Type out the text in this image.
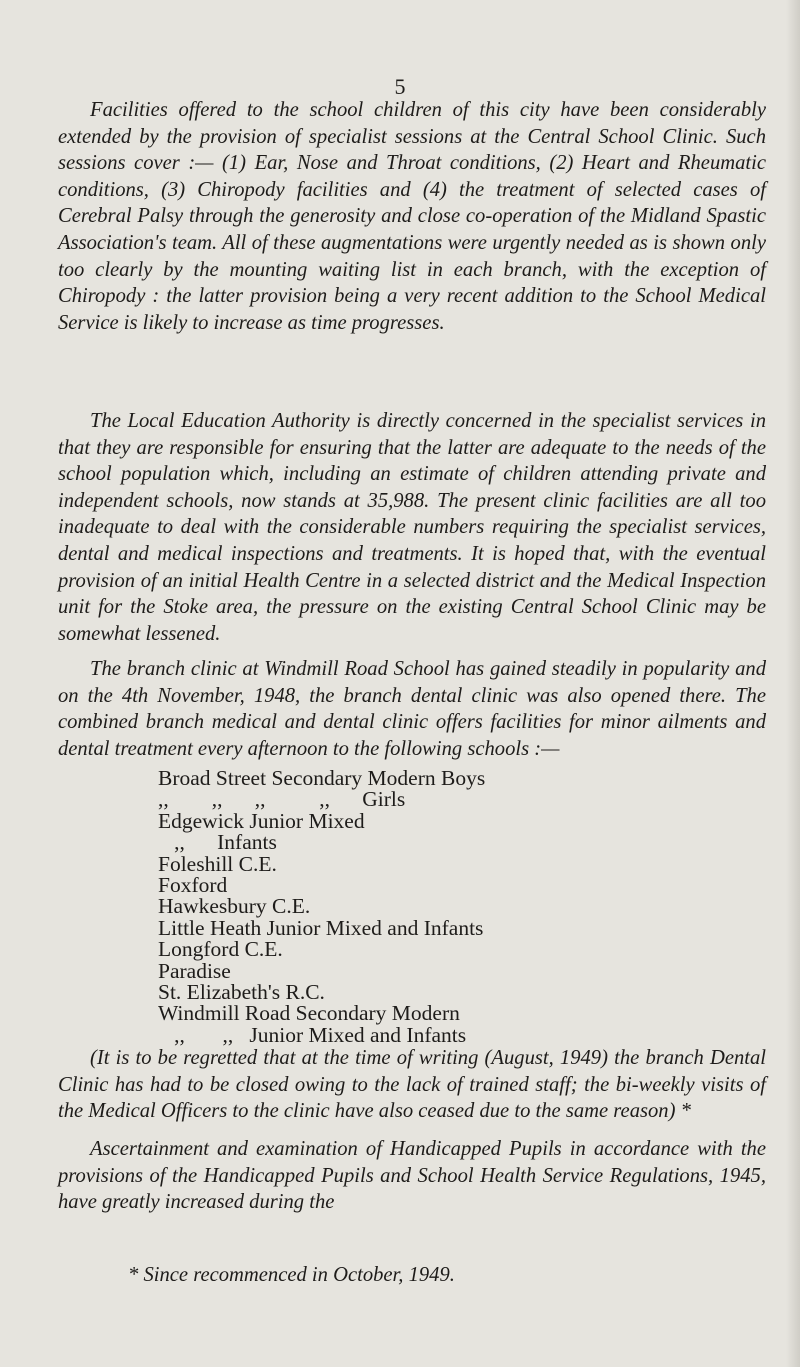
5

Facilities offered to the school children of this city have been considerably extended by the provision of specialist sessions at the Central School Clinic. Such sessions cover :— (1) Ear, Nose and Throat conditions, (2) Heart and Rheumatic conditions, (3) Chiropody facilities and (4) the treatment of selected cases of Cerebral Palsy through the generosity and close co-operation of the Midland Spastic Association's team. All of these augmentations were urgently needed as is shown only too clearly by the mounting waiting list in each branch, with the exception of Chiropody : the latter provision being a very recent addition to the School Medical Service is likely to increase as time progresses.

The Local Education Authority is directly concerned in the specialist services in that they are responsible for ensuring that the latter are adequate to the needs of the school population which, including an estimate of children attending private and independent schools, now stands at 35,988. The present clinic facilities are all too inadequate to deal with the considerable numbers requiring the specialist services, dental and medical inspections and treatments. It is hoped that, with the eventual provision of an initial Health Centre in a selected district and the Medical Inspection unit for the Stoke area, the pressure on the existing Central School Clinic may be somewhat lessened.

The branch clinic at Windmill Road School has gained steadily in popularity and on the 4th November, 1948, the branch dental clinic was also opened there. The combined branch medical and dental clinic offers facilities for minor ailments and dental treatment every afternoon to the following schools :—

Broad Street Secondary Modern Boys
,,        ,,      ,,          ,,      Girls
Edgewick Junior Mixed
,,      Infants
Foleshill C.E.
Foxford
Hawkesbury C.E.
Little Heath Junior Mixed and Infants
Longford C.E.
Paradise
St. Elizabeth's R.C.
Windmill Road Secondary Modern
,,       ,,   Junior Mixed and Infants

(It is to be regretted that at the time of writing (August, 1949) the branch Dental Clinic has had to be closed owing to the lack of trained staff; the bi-weekly visits of the Medical Officers to the clinic have also ceased due to the same reason) *

Ascertainment and examination of Handicapped Pupils in accordance with the provisions of the Handicapped Pupils and School Health Service Regulations, 1945, have greatly increased during the

* Since recommenced in October, 1949.
